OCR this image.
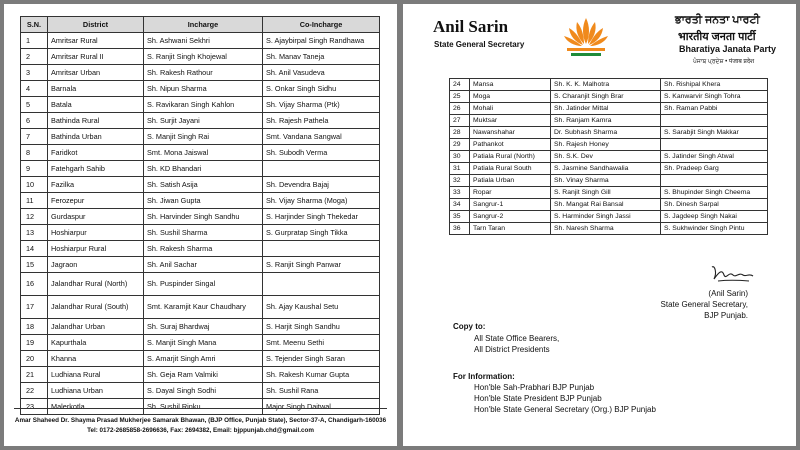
S.N.	District	Incharge	Co-Incharge
1	Amritsar Rural	Sh. Ashwani Sekhri	S. Ajaybirpal Singh Randhawa
2	Amritsar Rural II	S. Ranjit Singh Khojewal	Sh. Manav Taneja
3	Amritsar Urban	Sh. Rakesh Rathour	Sh. Anil Vasudeva
4	Barnala	Sh. Nipun Sharma	S. Onkar Singh Sidhu
5	Batala	S. Ravikaran Singh Kahlon	Sh. Vijay Sharma (Ptk)
6	Bathinda Rural	Sh. Surjit Jayani	Sh. Rajesh Pathela
7	Bathinda Urban	S. Manjit Singh Rai	Smt. Vandana Sangwal
8	Faridkot	Smt. Mona Jaiswal	Sh. Subodh Verma
9	Fatehgarh Sahib	Sh. KD Bhandari	
10	Fazilka	Sh. Satish Asija	Sh. Devendra Bajaj
11	Ferozepur	Sh. Jiwan Gupta	Sh. Vijay Sharma (Moga)
12	Gurdaspur	Sh. Harvinder Singh Sandhu	S. Harjinder Singh Thekedar
13	Hoshiarpur	Sh. Sushil Sharma	S. Gurpratap Singh Tikka
14	Hoshiarpur Rural	Sh. Rakesh Sharma	
15	Jagraon	Sh. Anil Sachar	S. Ranjit Singh Panwar
16	Jalandhar Rural (North)	Sh. Puspinder Singal	
17	Jalandhar Rural (South)	Smt. Karamjit Kaur Chaudhary	Sh. Ajay Kaushal Setu
18	Jalandhar Urban	Sh. Suraj Bhardwaj	S. Harjit Singh Sandhu
19	Kapurthala	S. Manjit Singh Mana	Smt. Meenu Sethi
20	Khanna	S. Amarjit Singh Amri	S. Tejender Singh Saran
21	Ludhiana Rural	Sh. Geja Ram Valmiki	Sh. Rakesh Kumar Gupta
22	Ludhiana Urban	S. Dayal Singh Sodhi	Sh. Sushil Rana
23	Malerkotla	Sh. Sushil Rinku	Major Singh Daitwal
Amar Shaheed Dr. Shayma Prasad Mukherjee Samarak Bhawan, (BJP Office, Punjab State), Sector-37-A, Chandigarh-160036
Tel: 0172-2685858-2696636, Fax: 2694382, Email: bjppunjab.chd@gmail.com
Anil Sarin
State General Secretary
ਭਾਰਤੀ ਜਨਤਾ ਪਾਰਟੀ
भारतीय जनता पार्टी
Bharatiya Janata Party
ਪੰਜਾਬ ਪ੍ਰਦੇਸ਼ • पंजाब प्रदेश
24	Mansa	Sh. K. K. Malhotra	Sh. Rishipal Khera
25	Moga	S. Charanjit Singh Brar	S. Kanwarvir Singh Tohra
26	Mohali	Sh. Jatinder Mittal	Sh. Raman Pabbi
27	Muktsar	Sh. Ranjam Kamra	
28	Nawanshahar	Dr. Subhash Sharma	S. Sarabjit Singh Makkar
29	Pathankot	Sh. Rajesh Honey	
30	Patiala Rural (North)	Sh. S.K. Dev	S. Jatinder Singh Atwal
31	Patiala Rural South	S. Jasmine Sandhawalia	Sh. Pradeep Garg
32	Patiala Urban	Sh. Vinay Sharma	
33	Ropar	S. Ranjit Singh Gill	S. Bhupinder Singh Cheema
34	Sangrur-1	Sh. Mangat Rai Bansal	Sh. Dinesh Sarpal
35	Sangrur-2	S. Harminder Singh Jassi	S. Jagdeep Singh Nakai
36	Tarn Taran	Sh. Naresh Sharma	S. Sukhwinder Singh Pintu
(Anil Sarin)
State General Secretary,
BJP Punjab.
Copy to:
All State Office Bearers,
All District Presidents
For Information:
Hon'ble Sah-Prabhari BJP Punjab
Hon'ble State President BJP Punjab
Hon'ble State General Secretary (Org.) BJP Punjab
